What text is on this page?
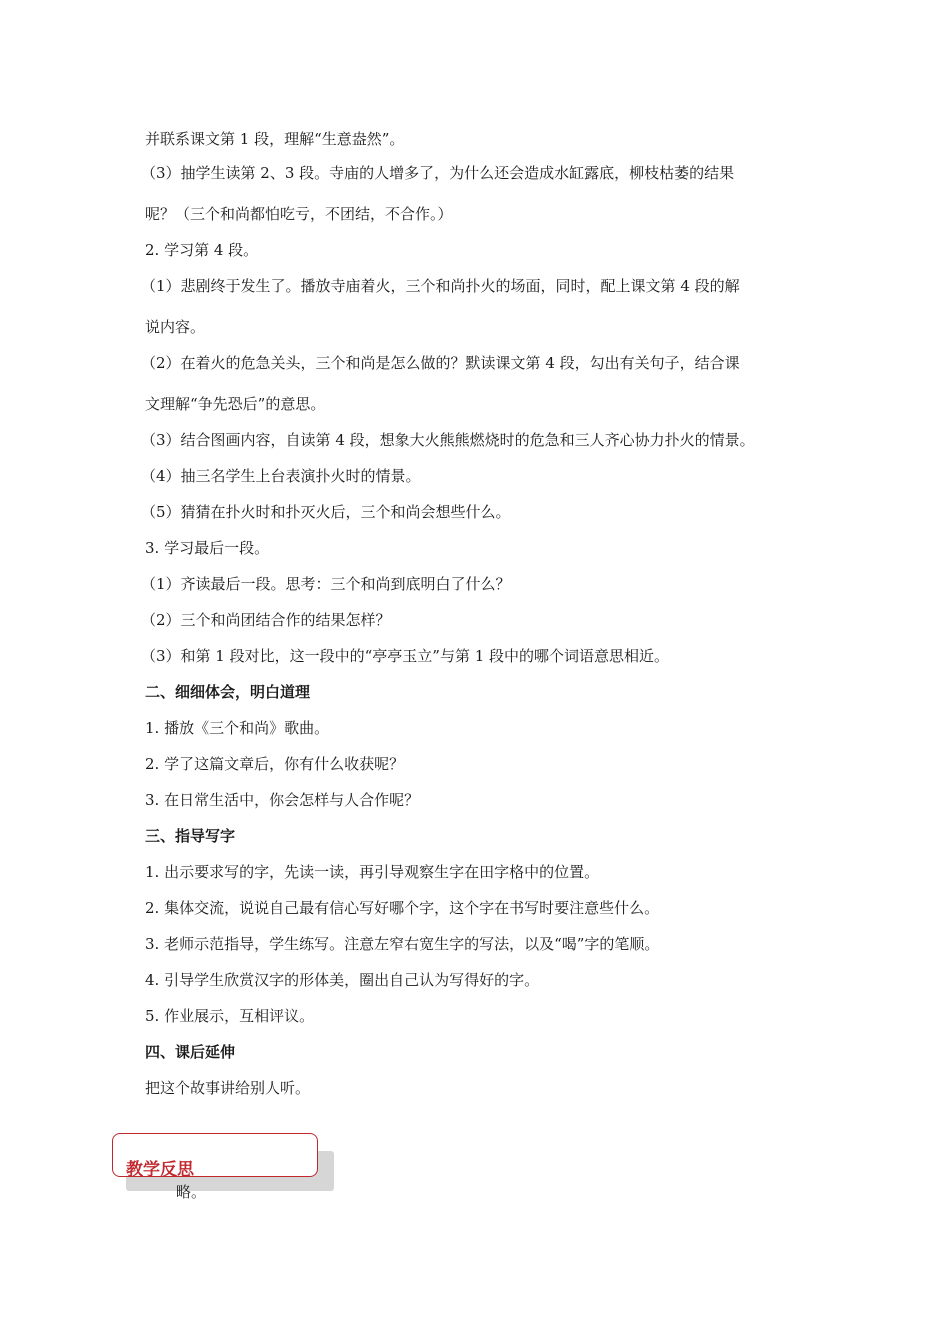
并联系课文第 1 段，理解“生意盎然”。
（3）抽学生读第 2、3 段。寺庙的人增多了，为什么还会造成水缸露底，柳枝枯萎的结果
呢？（三个和尚都怕吃亏，不团结，不合作。）
2. 学习第 4 段。
（1）悲剧终于发生了。播放寺庙着火，三个和尚扑火的场面，同时，配上课文第 4 段的解
说内容。
（2）在着火的危急关头，三个和尚是怎么做的？默读课文第 4 段，勾出有关句子，结合课
文理解“争先恐后”的意思。
（3）结合图画内容，自读第 4 段，想象大火熊熊燃烧时的危急和三人齐心协力扑火的情景。
（4）抽三名学生上台表演扑火时的情景。
（5）猜猜在扑火时和扑灭火后，三个和尚会想些什么。
3. 学习最后一段。
（1）齐读最后一段。思考：三个和尚到底明白了什么？
（2）三个和尚团结合作的结果怎样？
（3）和第 1 段对比，这一段中的“亭亭玉立”与第 1 段中的哪个词语意思相近。
二、细细体会，明白道理
1. 播放《三个和尚》歌曲。
2. 学了这篇文章后，你有什么收获呢？
3. 在日常生活中，你会怎样与人合作呢？
三、指导写字
1. 出示要求写的字，先读一读，再引导观察生字在田字格中的位置。
2. 集体交流，说说自己最有信心写好哪个字，这个字在书写时要注意些什么。
3. 老师示范指导，学生练写。注意左窄右宽生字的写法，以及“喝”字的笔顺。
4. 引导学生欣赏汉字的形体美，圈出自己认为写得好的字。
5. 作业展示，互相评议。
四、课后延伸
把这个故事讲给别人听。
教学反思
略。
